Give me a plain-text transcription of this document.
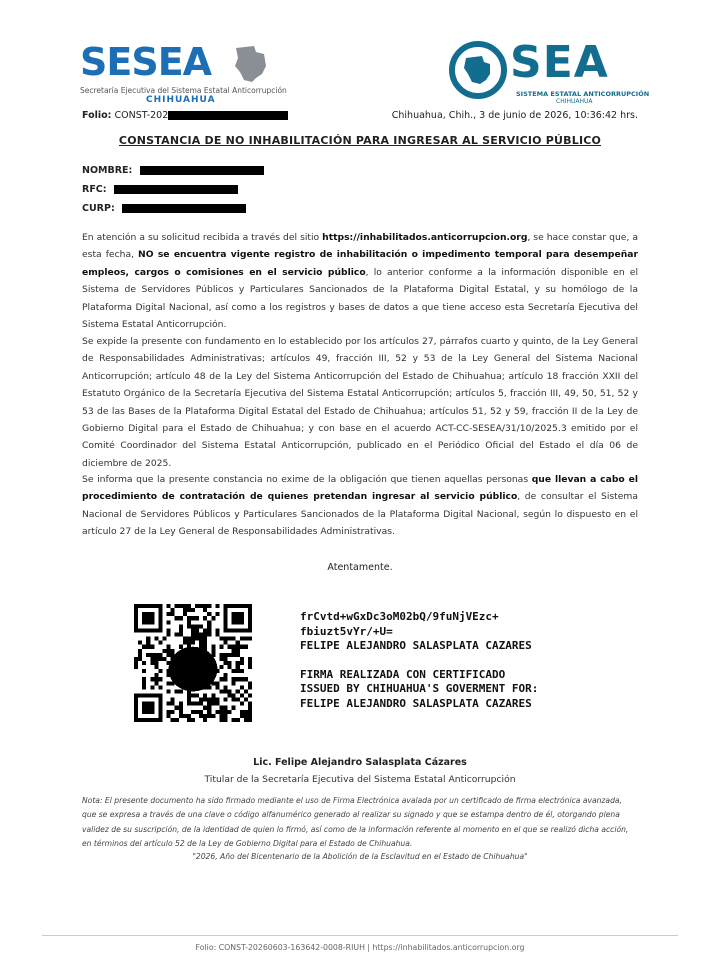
SESEA
Secretaría Ejecutiva del Sistema Estatal Anticorrupción
CHIHUAHUA
SEA
SISTEMA ESTATAL ANTICORRUPCIÓN
CHIHUAHUA
Folio: CONST-202	Chihuahua, Chih., 3 de junio de 2026, 10:36:42 hrs.
CONSTANCIA DE NO INHABILITACIÓN PARA INGRESAR AL SERVICIO PÚBLICO
NOMBRE:
RFC:
CURP:

En atención a su solicitud recibida a través del sitio https://inhabilitados.anticorrupcion.org, se hace constar que, a esta fecha, NO se encuentra vigente registro de inhabilitación o impedimento temporal para desempeñar empleos, cargos o comisiones en el servicio público, lo anterior conforme a la información disponible en el Sistema de Servidores Públicos y Particulares Sancionados de la Plataforma Digital Estatal, y su homólogo de la Plataforma Digital Nacional, así como a los registros y bases de datos a que tiene acceso esta Secretaría Ejecutiva del Sistema Estatal Anticorrupción.

Se expide la presente con fundamento en lo establecido por los artículos 27, párrafos cuarto y quinto, de la Ley General de Responsabilidades Administrativas; artículos 49, fracción III, 52 y 53 de la Ley General del Sistema Nacional Anticorrupción; artículo 48 de la Ley del Sistema Anticorrupción del Estado de Chihuahua; artículo 18 fracción XXII del Estatuto Orgánico de la Secretaría Ejecutiva del Sistema Estatal Anticorrupción; artículos 5, fracción III, 49, 50, 51, 52 y 53 de las Bases de la Plataforma Digital Estatal del Estado de Chihuahua; artículos 51, 52 y 59, fracción II de la Ley de Gobierno Digital para el Estado de Chihuahua; y con base en el acuerdo ACT-CC-SESEA/31/10/2025.3 emitido por el Comité Coordinador del Sistema Estatal Anticorrupción, publicado en el Periódico Oficial del Estado el día 06 de diciembre de 2025.

Se informa que la presente constancia no exime de la obligación que tienen aquellas personas que llevan a cabo el procedimiento de contratación de quienes pretendan ingresar al servicio público, de consultar el Sistema Nacional de Servidores Públicos y Particulares Sancionados de la Plataforma Digital Nacional, según lo dispuesto en el artículo 27 de la Ley General de Responsabilidades Administrativas.

Atentamente.
frCvtd+wGxDc3oM02bQ/9fuNjVEzc+
fbiuzt5vYr/+U=
FELIPE ALEJANDRO SALASPLATA CAZARES
FIRMA REALIZADA CON CERTIFICADO
ISSUED BY CHIHUAHUA'S GOVERMENT FOR:
FELIPE ALEJANDRO SALASPLATA CAZARES
Lic. Felipe Alejandro Salasplata Cázares
Titular de la Secretaría Ejecutiva del Sistema Estatal Anticorrupción
Nota: El presente documento ha sido firmado mediante el uso de Firma Electrónica avalada por un certificado de firma electrónica avanzada, que se expresa a través de una clave o código alfanumérico generado al realizar su signado y que se estampa dentro de él, otorgando plena validez de su suscripción, de la identidad de quien lo firmó, así como de la información referente al momento en el que se realizó dicha acción, en términos del artículo 52 de la Ley de Gobierno Digital para el Estado de Chihuahua.
"2026, Año del Bicentenario de la Abolición de la Esclavitud en el Estado de Chihuahua"
Folio: CONST-20260603-163642-0008-RIUH | https://inhabilitados.anticorrupcion.org
